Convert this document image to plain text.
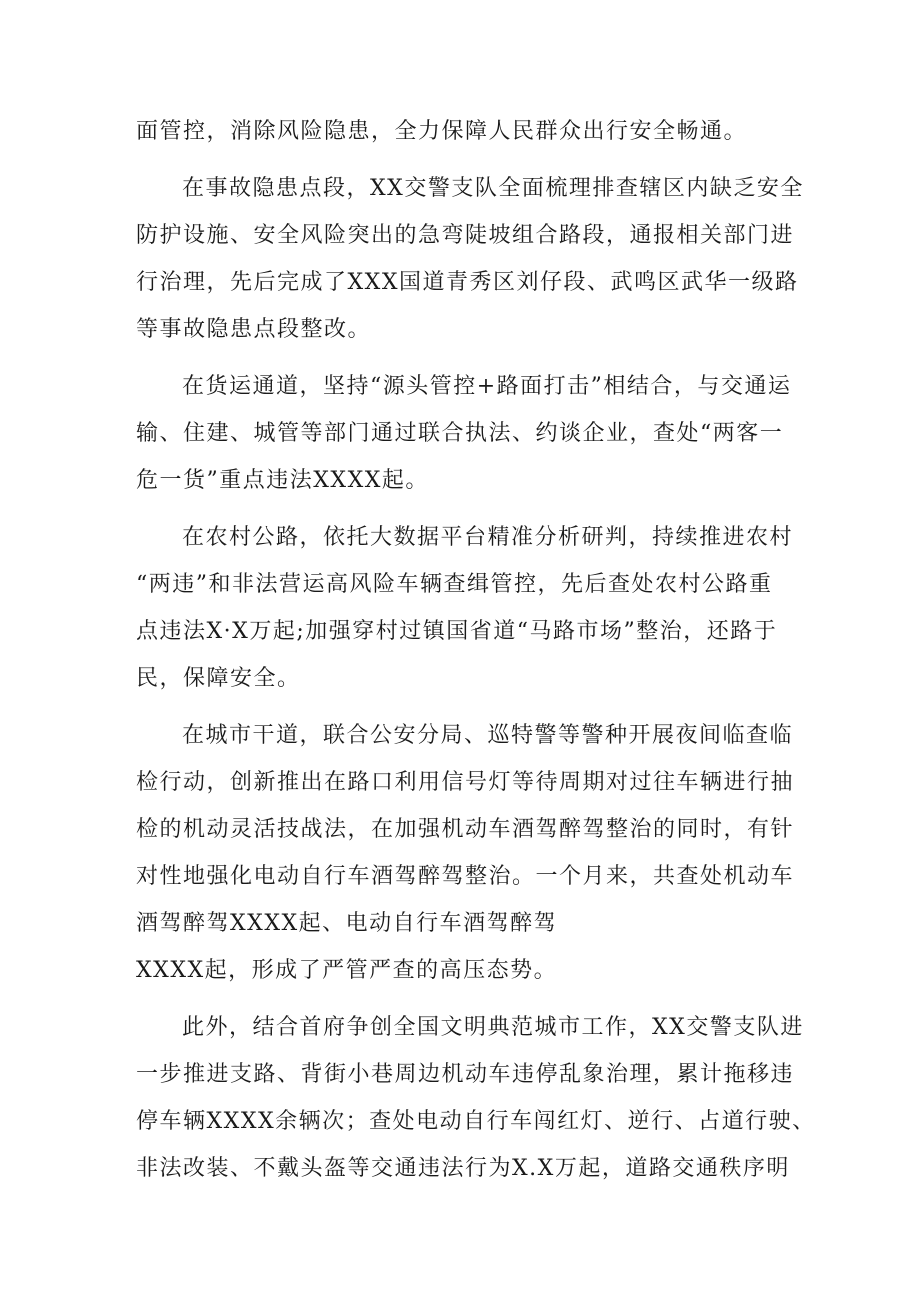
面管控，消除风险隐患，全力保障人民群众出行安全畅通。
在事故隐患点段，XX交警支队全面梳理排查辖区内缺乏安全
防护设施、安全风险突出的急弯陡坡组合路段，通报相关部门进
行治理，先后完成了XXX国道青秀区刘仔段、武鸣区武华一级路
等事故隐患点段整改。
在货运通道，坚持“源头管控+路面打击”相结合，与交通运
输、住建、城管等部门通过联合执法、约谈企业，查处“两客一
危一货”重点违法XXXX起。
在农村公路，依托大数据平台精准分析研判，持续推进农村
“两违”和非法营运高风险车辆查缉管控，先后查处农村公路重
点违法X·X万起;加强穿村过镇国省道“马路市场”整治，还路于
民，保障安全。
在城市干道，联合公安分局、巡特警等警种开展夜间临查临
检行动，创新推出在路口利用信号灯等待周期对过往车辆进行抽
检的机动灵活技战法，在加强机动车酒驾醉驾整治的同时，有针
对性地强化电动自行车酒驾醉驾整治。一个月来，共查处机动车
酒驾醉驾XXXX起、电动自行车酒驾醉驾
XXXX起，形成了严管严查的高压态势。
此外，结合首府争创全国文明典范城市工作，XX交警支队进
一步推进支路、背街小巷周边机动车违停乱象治理，累计拖移违
停车辆XXXX余辆次；查处电动自行车闯红灯、逆行、占道行驶、
非法改装、不戴头盔等交通违法行为X.X万起，道路交通秩序明
